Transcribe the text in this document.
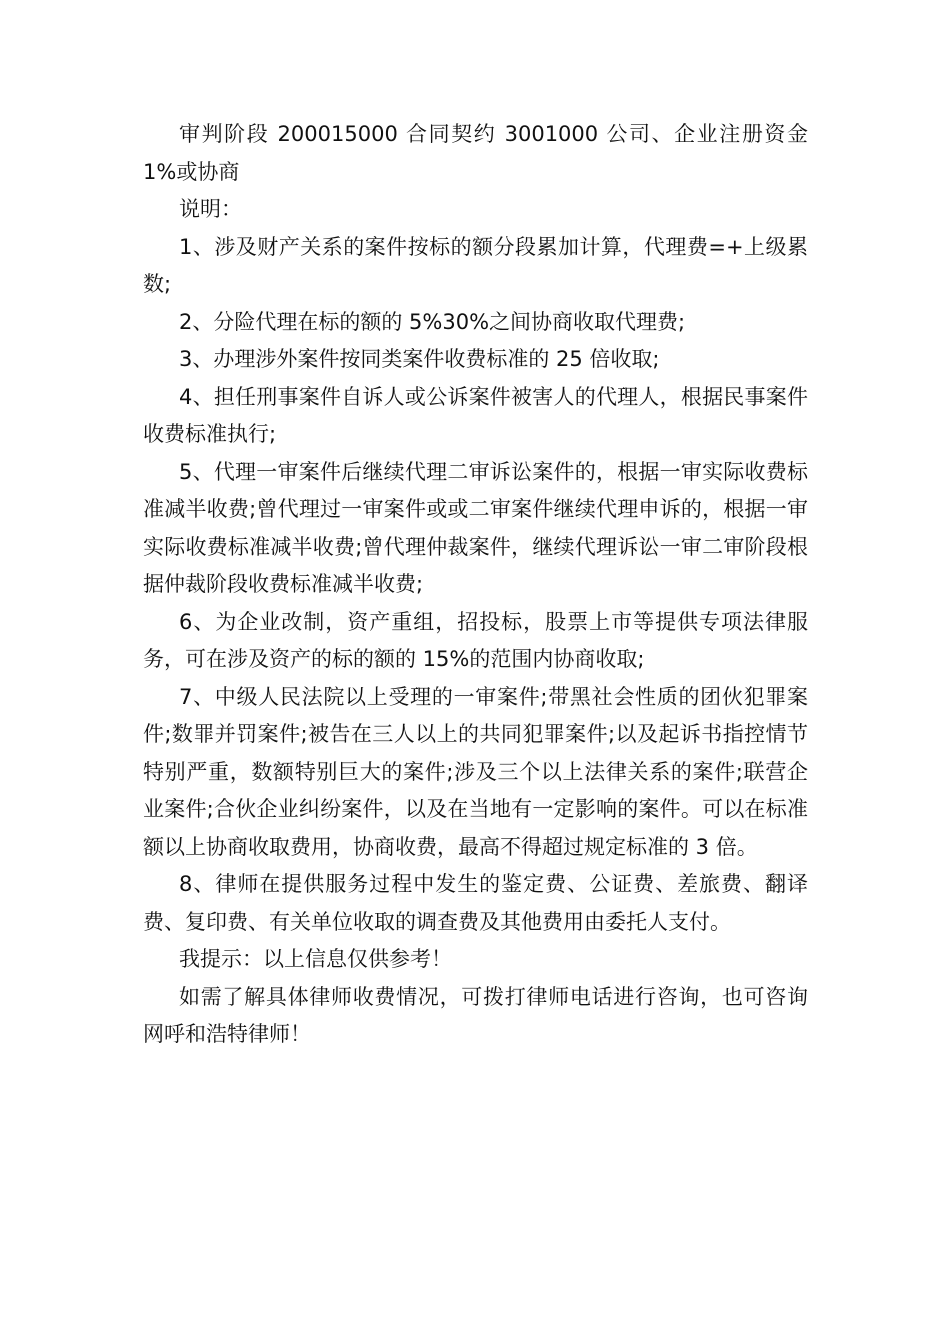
审判阶段 200015000 合同契约 3001000 公司、企业注册资金 1%或协商

说明：

1、涉及财产关系的案件按标的额分段累加计算，代理费=+上级累数;

2、分险代理在标的额的 5%30%之间协商收取代理费;

3、办理涉外案件按同类案件收费标准的 25 倍收取;

4、担任刑事案件自诉人或公诉案件被害人的代理人，根据民事案件收费标准执行;

5、代理一审案件后继续代理二审诉讼案件的，根据一审实际收费标准减半收费;曾代理过一审案件或或二审案件继续代理申诉的，根据一审实际收费标准减半收费;曾代理仲裁案件，继续代理诉讼一审二审阶段根据仲裁阶段收费标准减半收费;

6、为企业改制，资产重组，招投标，股票上市等提供专项法律服务，可在涉及资产的标的额的 15%的范围内协商收取;

7、中级人民法院以上受理的一审案件;带黑社会性质的团伙犯罪案件;数罪并罚案件;被告在三人以上的共同犯罪案件;以及起诉书指控情节特别严重，数额特别巨大的案件;涉及三个以上法律关系的案件;联营企业案件;合伙企业纠纷案件，以及在当地有一定影响的案件。可以在标准额以上协商收取费用，协商收费，最高不得超过规定标准的 3 倍。

8、律师在提供服务过程中发生的鉴定费、公证费、差旅费、翻译费、复印费、有关单位收取的调查费及其他费用由委托人支付。

我提示：以上信息仅供参考！

如需了解具体律师收费情况，可拨打律师电话进行咨询，也可咨询网呼和浩特律师！
